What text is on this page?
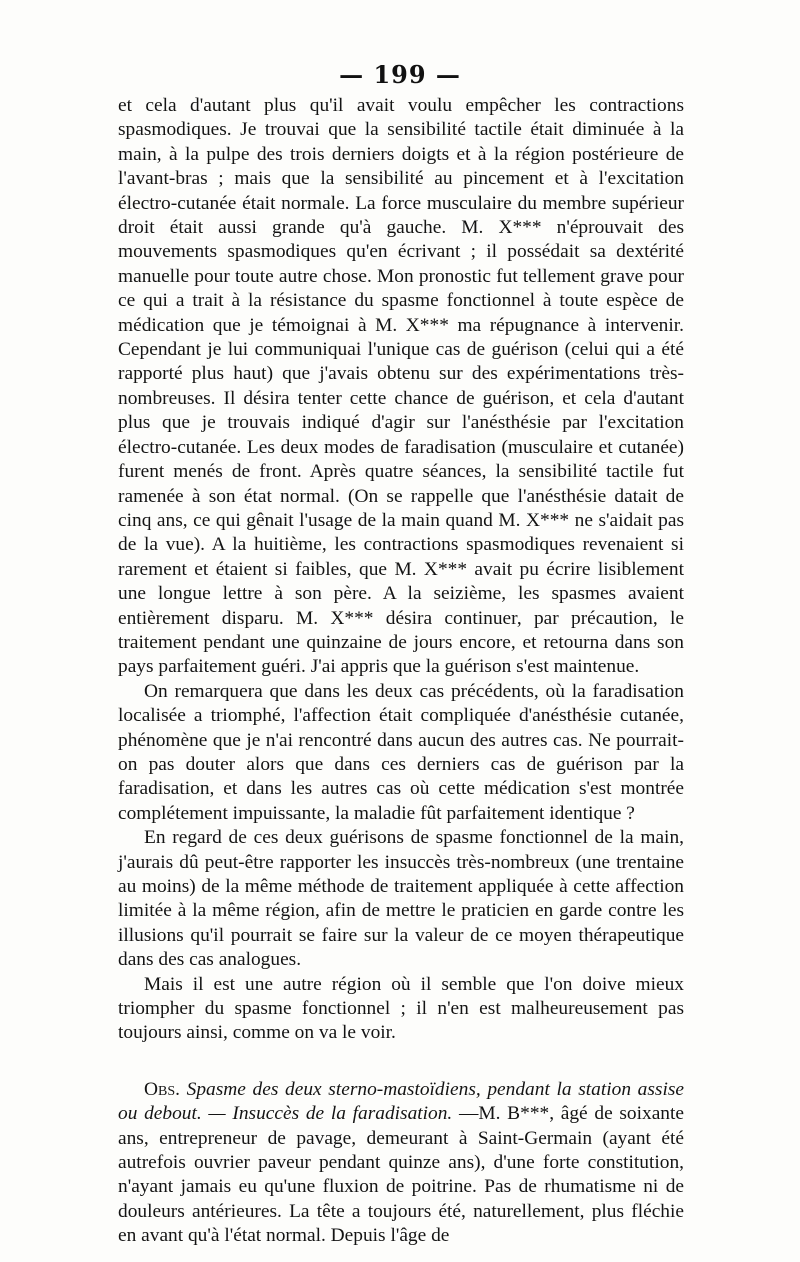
— 199 —

et cela d'autant plus qu'il avait voulu empêcher les contractions spasmodiques. Je trouvai que la sensibilité tactile était diminuée à la main, à la pulpe des trois derniers doigts et à la région postérieure de l'avant-bras ; mais que la sensibilité au pincement et à l'excitation électro-cutanée était normale. La force musculaire du membre supérieur droit était aussi grande qu'à gauche. M. X*** n'éprouvait des mouvements spasmodiques qu'en écrivant ; il possédait sa dextérité manuelle pour toute autre chose. Mon pronostic fut tellement grave pour ce qui a trait à la résistance du spasme fonctionnel à toute espèce de médication que je témoignai à M. X*** ma répugnance à intervenir. Cependant je lui communiquai l'unique cas de guérison (celui qui a été rapporté plus haut) que j'avais obtenu sur des expérimentations très-nombreuses. Il désira tenter cette chance de guérison, et cela d'autant plus que je trouvais indiqué d'agir sur l'anésthésie par l'excitation électro-cutanée. Les deux modes de faradisation (musculaire et cutanée) furent menés de front. Après quatre séances, la sensibilité tactile fut ramenée à son état normal. (On se rappelle que l'anésthésie datait de cinq ans, ce qui gênait l'usage de la main quand M. X*** ne s'aidait pas de la vue). A la huitième, les contractions spasmodiques revenaient si rarement et étaient si faibles, que M. X*** avait pu écrire lisiblement une longue lettre à son père. A la seizième, les spasmes avaient entièrement disparu. M. X*** désira continuer, par précaution, le traitement pendant une quinzaine de jours encore, et retourna dans son pays parfaitement guéri. J'ai appris que la guérison s'est maintenue.

On remarquera que dans les deux cas précédents, où la faradisation localisée a triomphé, l'affection était compliquée d'anésthésie cutanée, phénomène que je n'ai rencontré dans aucun des autres cas. Ne pourrait-on pas douter alors que dans ces derniers cas de guérison par la faradisation, et dans les autres cas où cette médication s'est montrée complétement impuissante, la maladie fût parfaitement identique ?

En regard de ces deux guérisons de spasme fonctionnel de la main, j'aurais dû peut-être rapporter les insuccès très-nombreux (une trentaine au moins) de la même méthode de traitement appliquée à cette affection limitée à la même région, afin de mettre le praticien en garde contre les illusions qu'il pourrait se faire sur la valeur de ce moyen thérapeutique dans des cas analogues.

Mais il est une autre région où il semble que l'on doive mieux triompher du spasme fonctionnel ; il n'en est malheureusement pas toujours ainsi, comme on va le voir.

Obs. Spasme des deux sterno-mastoïdiens, pendant la station assise ou debout. — Insuccès de la faradisation. —M. B***, âgé de soixante ans, entrepreneur de pavage, demeurant à Saint-Germain (ayant été autrefois ouvrier paveur pendant quinze ans), d'une forte constitution, n'ayant jamais eu qu'une fluxion de poitrine. Pas de rhumatisme ni de douleurs antérieures. La tête a toujours été, naturellement, plus fléchie en avant qu'à l'état normal. Depuis l'âge de
